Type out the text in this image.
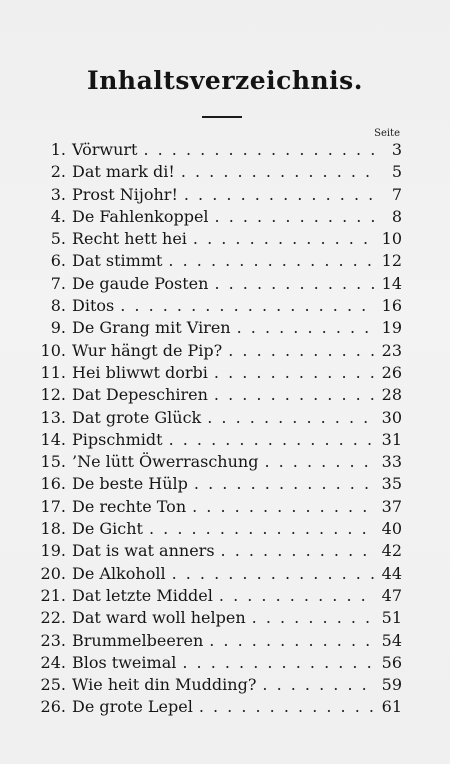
Inhaltsverzeichnis.
Seite
1. Vörwurt . . .	3
2. Dat mark di! . . .	5
3. Prost Nijohr! . . .	7
4. De Fahlenkoppel . . .	8
5. Recht hett hei . . .	10
6. Dat stimmt . . .	12
7. De gaude Posten . . .	14
8. Ditos . . .	16
9. De Grang mit Viren . . .	19
10. Wur hängt de Pip? . . .	23
11. Hei bliwwt dorbi . . .	26
12. Dat Depeschiren . . .	28
13. Dat grote Glück . . .	30
14. Pipschmidt . . .	31
15. ’Ne lütt Öwerraschung . . .	33
16. De beste Hülp . . .	35
17. De rechte Ton . . .	37
18. De Gicht . . .	40
19. Dat is wat anners . . .	42
20. De Alkoholl . . .	44
21. Dat letzte Middel . . .	47
22. Dat ward woll helpen . . .	51
23. Brummelbeeren . . .	54
24. Blos tweimal . . .	56
25. Wie heit din Mudding? . . .	59
26. De grote Lepel . . .	61
